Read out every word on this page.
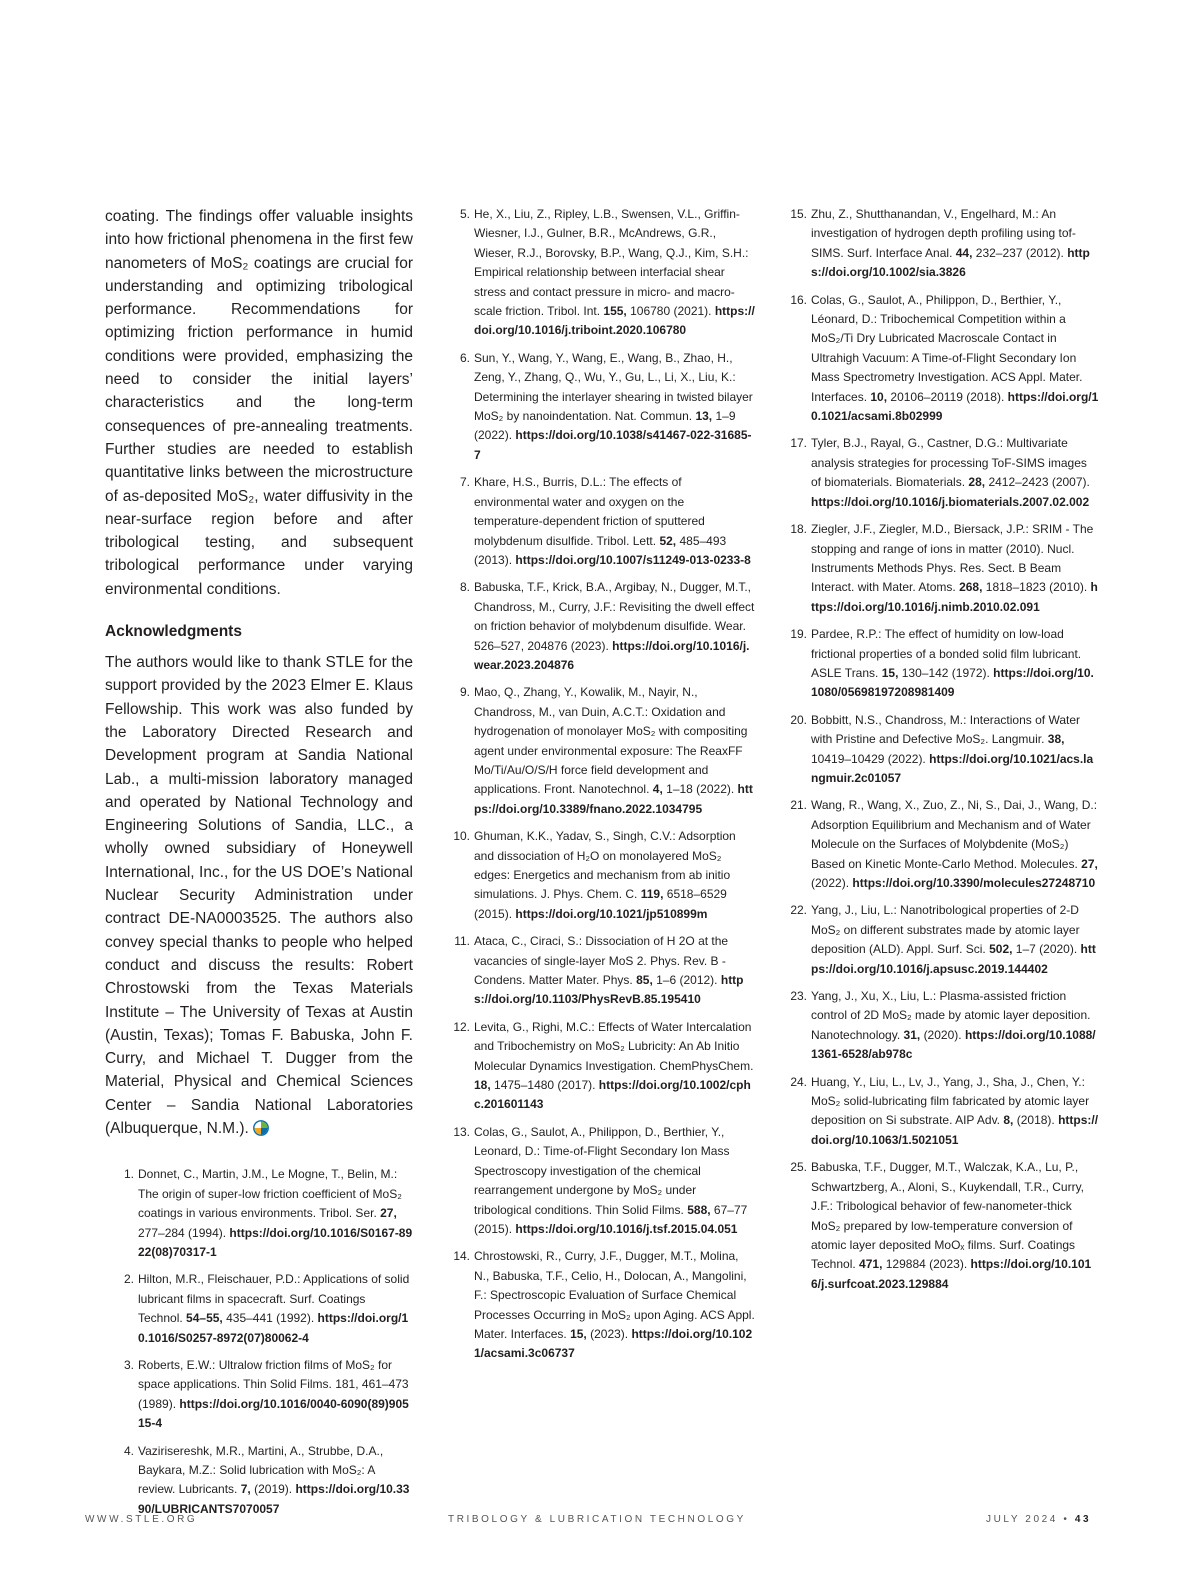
coating. The findings offer valuable insights into how frictional phenomena in the first few nanometers of MoS₂ coatings are crucial for understanding and optimizing tribological performance. Recommendations for optimizing friction performance in humid conditions were provided, emphasizing the need to consider the initial layers’ characteristics and the long-term consequences of pre-annealing treatments. Further studies are needed to establish quantitative links between the microstructure of as-deposited MoS₂, water diffusivity in the near-surface region before and after tribological testing, and subsequent tribological performance under varying environmental conditions.

Acknowledgments

The authors would like to thank STLE for the support provided by the 2023 Elmer E. Klaus Fellowship. This work was also funded by the Laboratory Directed Research and Development program at Sandia National Lab., a multi-mission laboratory managed and operated by National Technology and Engineering Solutions of Sandia, LLC., a wholly owned subsidiary of Honeywell International, Inc., for the US DOE’s National Nuclear Security Administration under contract DE-NA0003525. The authors also convey special thanks to people who helped conduct and discuss the results: Robert Chrostowski from the Texas Materials Institute – The University of Texas at Austin (Austin, Texas); Tomas F. Babuska, John F. Curry, and Michael T. Dugger from the Material, Physical and Chemical Sciences Center – Sandia National Laboratories (Albuquerque, N.M.).

1. Donnet, C., Martin, J.M., Le Mogne, T., Belin, M.: The origin of super-low friction coefficient of MoS₂ coatings in various environments. Tribol. Ser. 27, 277–284 (1994). https://doi.org/10.1016/S0167-8922(08)70317-1
2. Hilton, M.R., Fleischauer, P.D.: Applications of solid lubricant films in spacecraft. Surf. Coatings Technol. 54–55, 435–441 (1992). https://doi.org/10.1016/S0257-8972(07)80062-4
3. Roberts, E.W.: Ultralow friction films of MoS₂ for space applications. Thin Solid Films. 181, 461–473 (1989). https://doi.org/10.1016/0040-6090(89)90515-4
4. Vazirisereshk, M.R., Martini, A., Strubbe, D.A., Baykara, M.Z.: Solid lubrication with MoS₂: A review. Lubricants. 7, (2019). https://doi.org/10.3390/LUBRICANTS7070057
5. He, X., Liu, Z., Ripley, L.B., Swensen, V.L., Griffin-Wiesner, I.J., Gulner, B.R., McAndrews, G.R., Wieser, R.J., Borovsky, B.P., Wang, Q.J., Kim, S.H.: Empirical relationship between interfacial shear stress and contact pressure in micro- and macro-scale friction. Tribol. Int. 155, 106780 (2021). https://doi.org/10.1016/j.triboint.2020.106780
6. Sun, Y., Wang, Y., Wang, E., Wang, B., Zhao, H., Zeng, Y., Zhang, Q., Wu, Y., Gu, L., Li, X., Liu, K.: Determining the interlayer shearing in twisted bilayer MoS₂ by nanoindentation. Nat. Commun. 13, 1–9 (2022). https://doi.org/10.1038/s41467-022-31685-7
7. Khare, H.S., Burris, D.L.: The effects of environmental water and oxygen on the temperature-dependent friction of sputtered molybdenum disulfide. Tribol. Lett. 52, 485–493 (2013). https://doi.org/10.1007/s11249-013-0233-8
8. Babuska, T.F., Krick, B.A., Argibay, N., Dugger, M.T., Chandross, M., Curry, J.F.: Revisiting the dwell effect on friction behavior of molybdenum disulfide. Wear. 526–527, 204876 (2023). https://doi.org/10.1016/j.wear.2023.204876
9. Mao, Q., Zhang, Y., Kowalik, M., Nayir, N., Chandross, M., van Duin, A.C.T.: Oxidation and hydrogenation of monolayer MoS₂ with compositing agent under environmental exposure: The ReaxFF Mo/Ti/Au/O/S/H force field development and applications. Front. Nanotechnol. 4, 1–18 (2022). https://doi.org/10.3389/fnano.2022.1034795
10. Ghuman, K.K., Yadav, S., Singh, C.V.: Adsorption and dissociation of H₂O on monolayered MoS₂ edges: Energetics and mechanism from ab initio simulations. J. Phys. Chem. C. 119, 6518–6529 (2015). https://doi.org/10.1021/jp510899m
11. Ataca, C., Ciraci, S.: Dissociation of H 2O at the vacancies of single-layer MoS 2. Phys. Rev. B - Condens. Matter Mater. Phys. 85, 1–6 (2012). https://doi.org/10.1103/PhysRevB.85.195410
12. Levita, G., Righi, M.C.: Effects of Water Intercalation and Tribochemistry on MoS₂ Lubricity: An Ab Initio Molecular Dynamics Investigation. ChemPhysChem. 18, 1475–1480 (2017). https://doi.org/10.1002/cphc.201601143
13. Colas, G., Saulot, A., Philippon, D., Berthier, Y., Leonard, D.: Time-of-Flight Secondary Ion Mass Spectroscopy investigation of the chemical rearrangement undergone by MoS₂ under tribological conditions. Thin Solid Films. 588, 67–77 (2015). https://doi.org/10.1016/j.tsf.2015.04.051
14. Chrostowski, R., Curry, J.F., Dugger, M.T., Molina, N., Babuska, T.F., Celio, H., Dolocan, A., Mangolini, F.: Spectroscopic Evaluation of Surface Chemical Processes Occurring in MoS₂ upon Aging. ACS Appl. Mater. Interfaces. 15, (2023). https://doi.org/10.1021/acsami.3c06737
15. Zhu, Z., Shutthanandan, V., Engelhard, M.: An investigation of hydrogen depth profiling using tof-SIMS. Surf. Interface Anal. 44, 232–237 (2012). https://doi.org/10.1002/sia.3826
16. Colas, G., Saulot, A., Philippon, D., Berthier, Y., Léonard, D.: Tribochemical Competition within a MoS₂/Ti Dry Lubricated Macroscale Contact in Ultrahigh Vacuum: A Time-of-Flight Secondary Ion Mass Spectrometry Investigation. ACS Appl. Mater. Interfaces. 10, 20106–20119 (2018). https://doi.org/10.1021/acsami.8b02999
17. Tyler, B.J., Rayal, G., Castner, D.G.: Multivariate analysis strategies for processing ToF-SIMS images of biomaterials. Biomaterials. 28, 2412–2423 (2007). https://doi.org/10.1016/j.biomaterials.2007.02.002
18. Ziegler, J.F., Ziegler, M.D., Biersack, J.P.: SRIM - The stopping and range of ions in matter (2010). Nucl. Instruments Methods Phys. Res. Sect. B Beam Interact. with Mater. Atoms. 268, 1818–1823 (2010). https://doi.org/10.1016/j.nimb.2010.02.091
19. Pardee, R.P.: The effect of humidity on low-load frictional properties of a bonded solid film lubricant. ASLE Trans. 15, 130–142 (1972). https://doi.org/10.1080/05698197208981409
20. Bobbitt, N.S., Chandross, M.: Interactions of Water with Pristine and Defective MoS₂. Langmuir. 38, 10419–10429 (2022). https://doi.org/10.1021/acs.langmuir.2c01057
21. Wang, R., Wang, X., Zuo, Z., Ni, S., Dai, J., Wang, D.: Adsorption Equilibrium and Mechanism and of Water Molecule on the Surfaces of Molybdenite (MoS₂) Based on Kinetic Monte-Carlo Method. Molecules. 27, (2022). https://doi.org/10.3390/molecules27248710
22. Yang, J., Liu, L.: Nanotribological properties of 2-D MoS₂ on different substrates made by atomic layer deposition (ALD). Appl. Surf. Sci. 502, 1–7 (2020). https://doi.org/10.1016/j.apsusc.2019.144402
23. Yang, J., Xu, X., Liu, L.: Plasma-assisted friction control of 2D MoS₂ made by atomic layer deposition. Nanotechnology. 31, (2020). https://doi.org/10.1088/1361-6528/ab978c
24. Huang, Y., Liu, L., Lv, J., Yang, J., Sha, J., Chen, Y.: MoS₂ solid-lubricating film fabricated by atomic layer deposition on Si substrate. AIP Adv. 8, (2018). https://doi.org/10.1063/1.5021051
25. Babuska, T.F., Dugger, M.T., Walczak, K.A., Lu, P., Schwartzberg, A., Aloni, S., Kuykendall, T.R., Curry, J.F.: Tribological behavior of few-nanometer-thick MoS₂ prepared by low-temperature conversion of atomic layer deposited MoOₓ films. Surf. Coatings Technol. 471, 129884 (2023). https://doi.org/10.1016/j.surfcoat.2023.129884
WWW.STLE.ORG	TRIBOLOGY & LUBRICATION TECHNOLOGY	JULY 2024 • 43
